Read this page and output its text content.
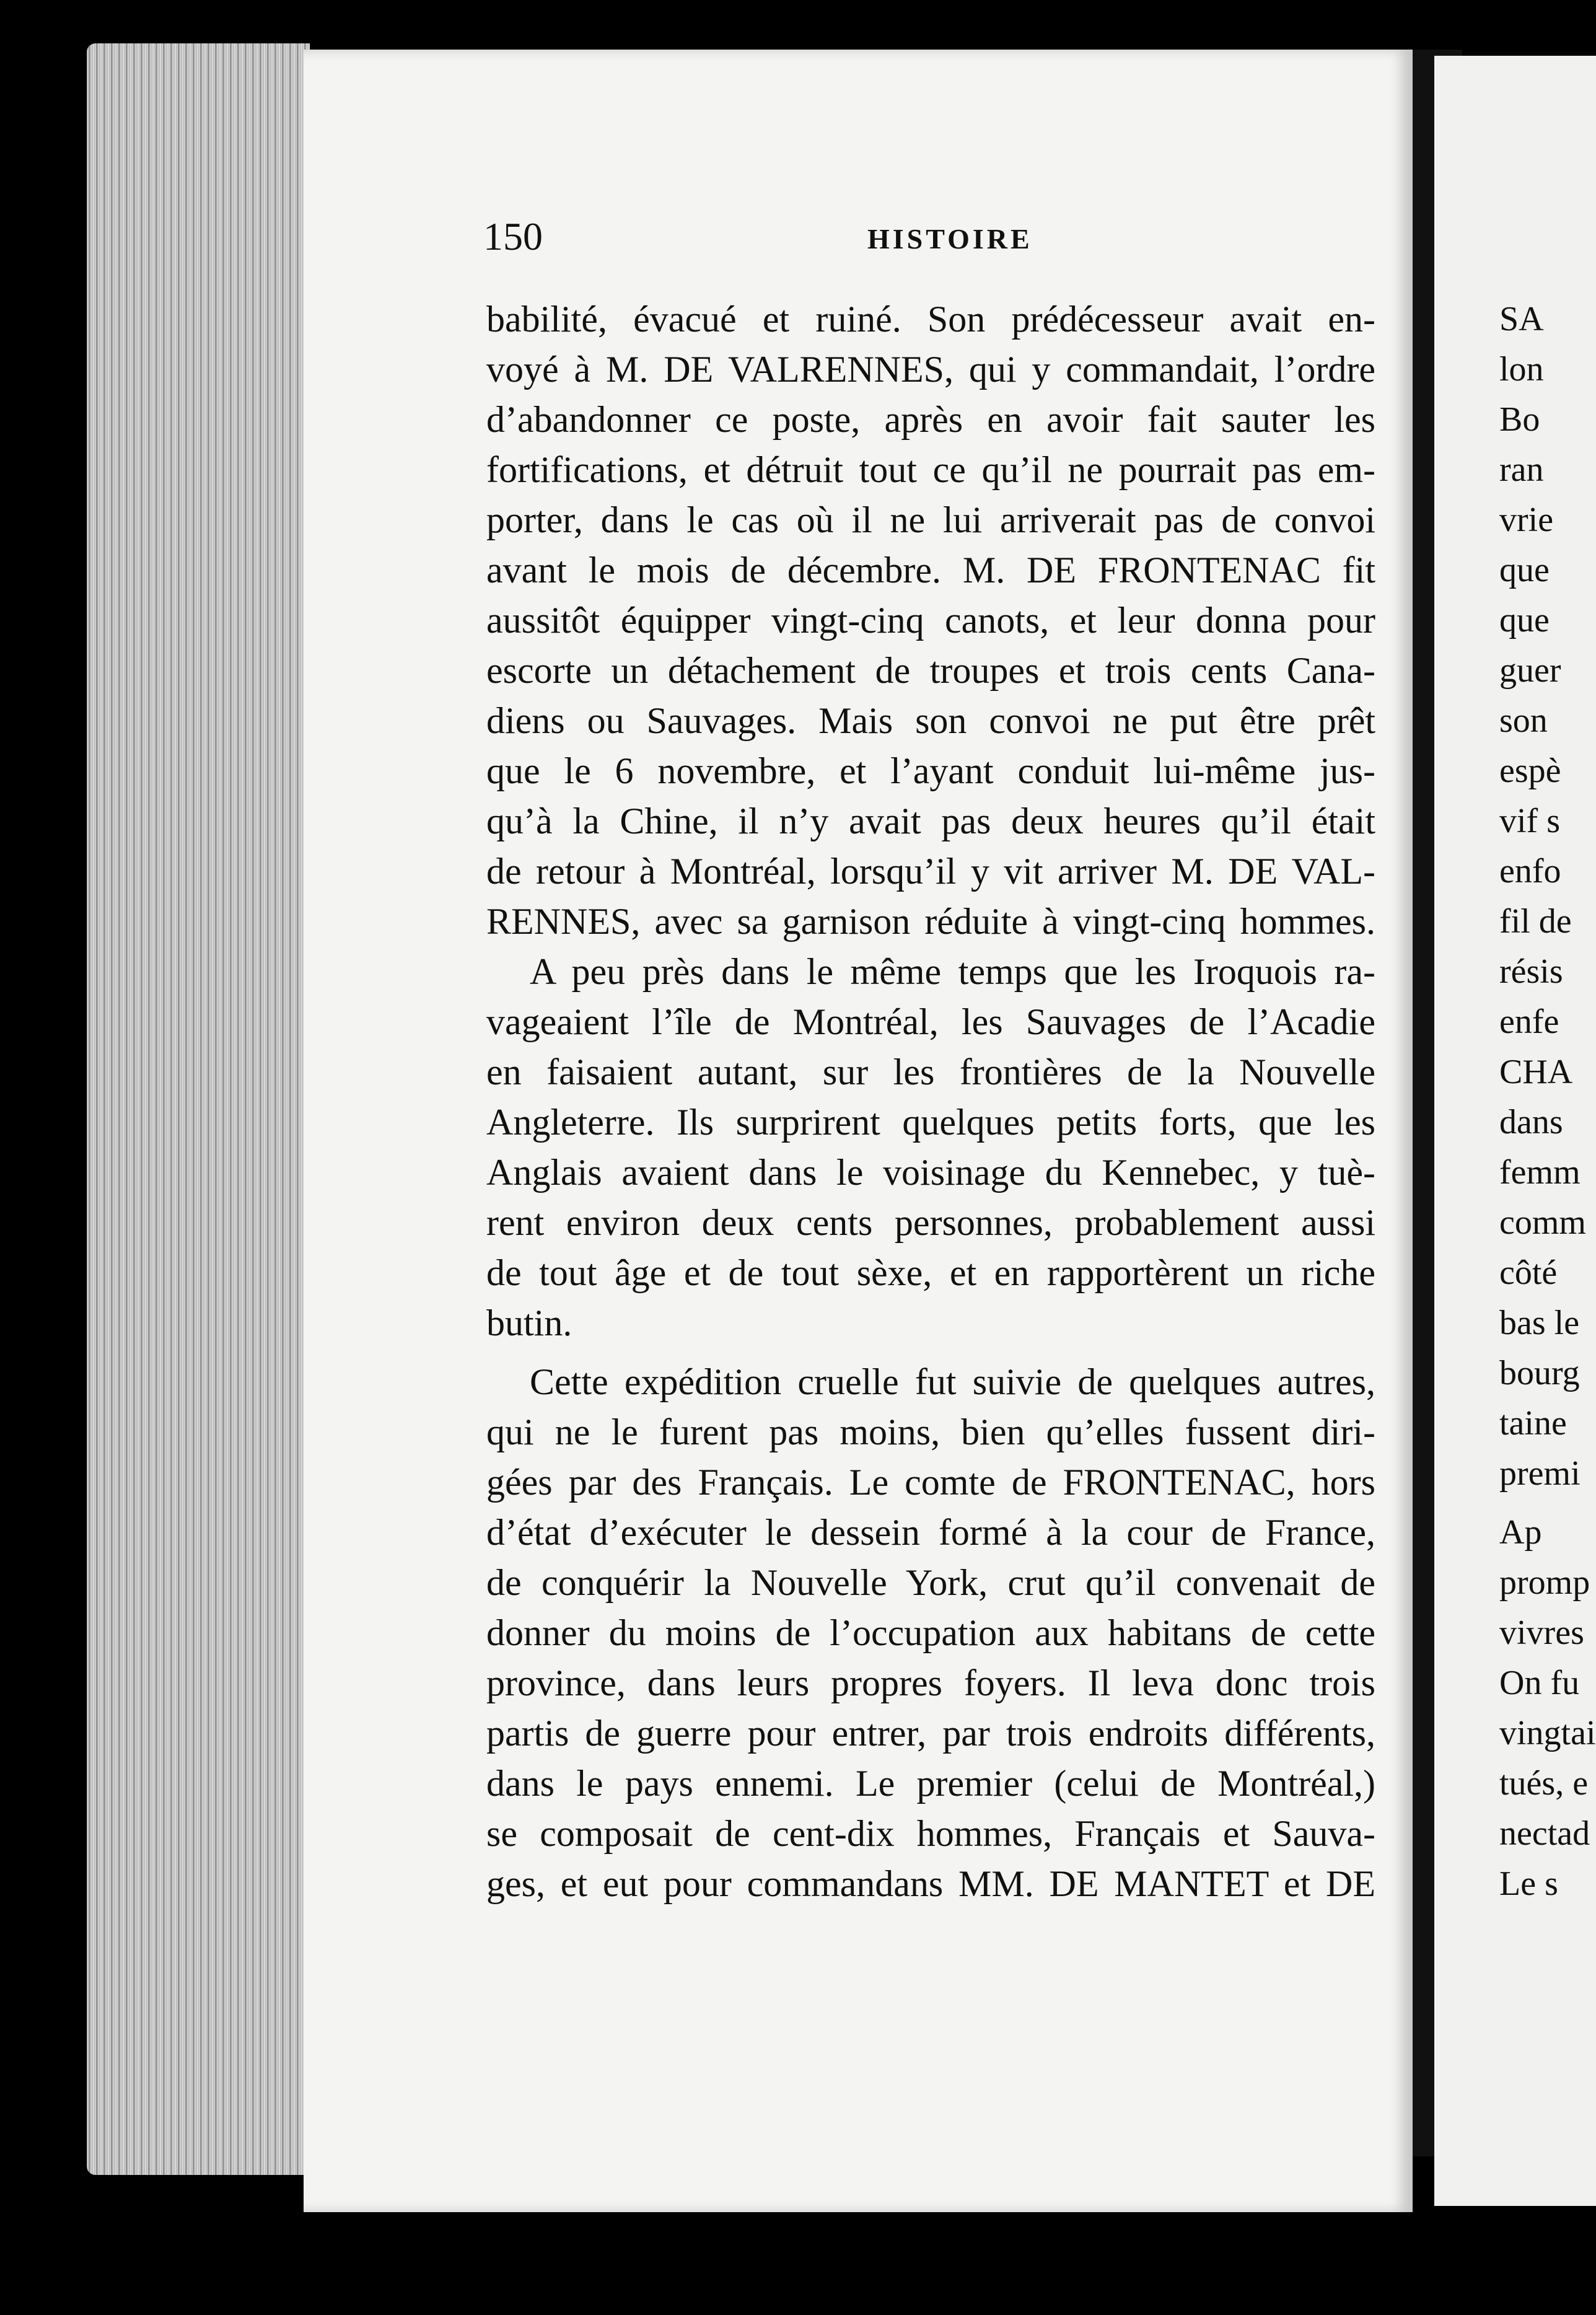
150	HISTOIRE
babilité, évacué et ruiné. Son prédécesseur avait en-
voyé à M. DE VALRENNES, qui y commandait, l’ordre
d’abandonner ce poste, après en avoir fait sauter les
fortifications, et détruit tout ce qu’il ne pourrait pas em-
porter, dans le cas où il ne lui arriverait pas de convoi
avant le mois de décembre. M. DE FRONTENAC fit
aussitôt équipper vingt-cinq canots, et leur donna pour
escorte un détachement de troupes et trois cents Cana-
diens ou Sauvages. Mais son convoi ne put être prêt
que le 6 novembre, et l’ayant conduit lui-même jus-
qu’à la Chine, il n’y avait pas deux heures qu’il était
de retour à Montréal, lorsqu’il y vit arriver M. DE VAL-
RENNES, avec sa garnison réduite à vingt-cinq hommes.
A peu près dans le même temps que les Iroquois ra-
vageaient l’île de Montréal, les Sauvages de l’Acadie
en faisaient autant, sur les frontières de la Nouvelle
Angleterre. Ils surprirent quelques petits forts, que les
Anglais avaient dans le voisinage du Kennebec, y tuè-
rent environ deux cents personnes, probablement aussi
de tout âge et de tout sèxe, et en rapportèrent un riche
butin.
Cette expédition cruelle fut suivie de quelques autres,
qui ne le furent pas moins, bien qu’elles fussent diri-
gées par des Français. Le comte de FRONTENAC, hors
d’état d’exécuter le dessein formé à la cour de France,
de conquérir la Nouvelle York, crut qu’il convenait de
donner du moins de l’occupation aux habitans de cette
province, dans leurs propres foyers. Il leva donc trois
partis de guerre pour entrer, par trois endroits différents,
dans le pays ennemi. Le premier (celui de Montréal,)
se composait de cent-dix hommes, Français et Sauva-
ges, et eut pour commandans MM. DE MANTET et DE
SA
lon
Bo
ran
vrie
que
que
guer
son
espè
vif s
enfo
fil de
résis
enfe
CHA
dans
femm
comm
côté
bas le
bourg
taine
premi
Ap
promp
vivres
On fu
vingtai
tués, e
nectad
Le s
